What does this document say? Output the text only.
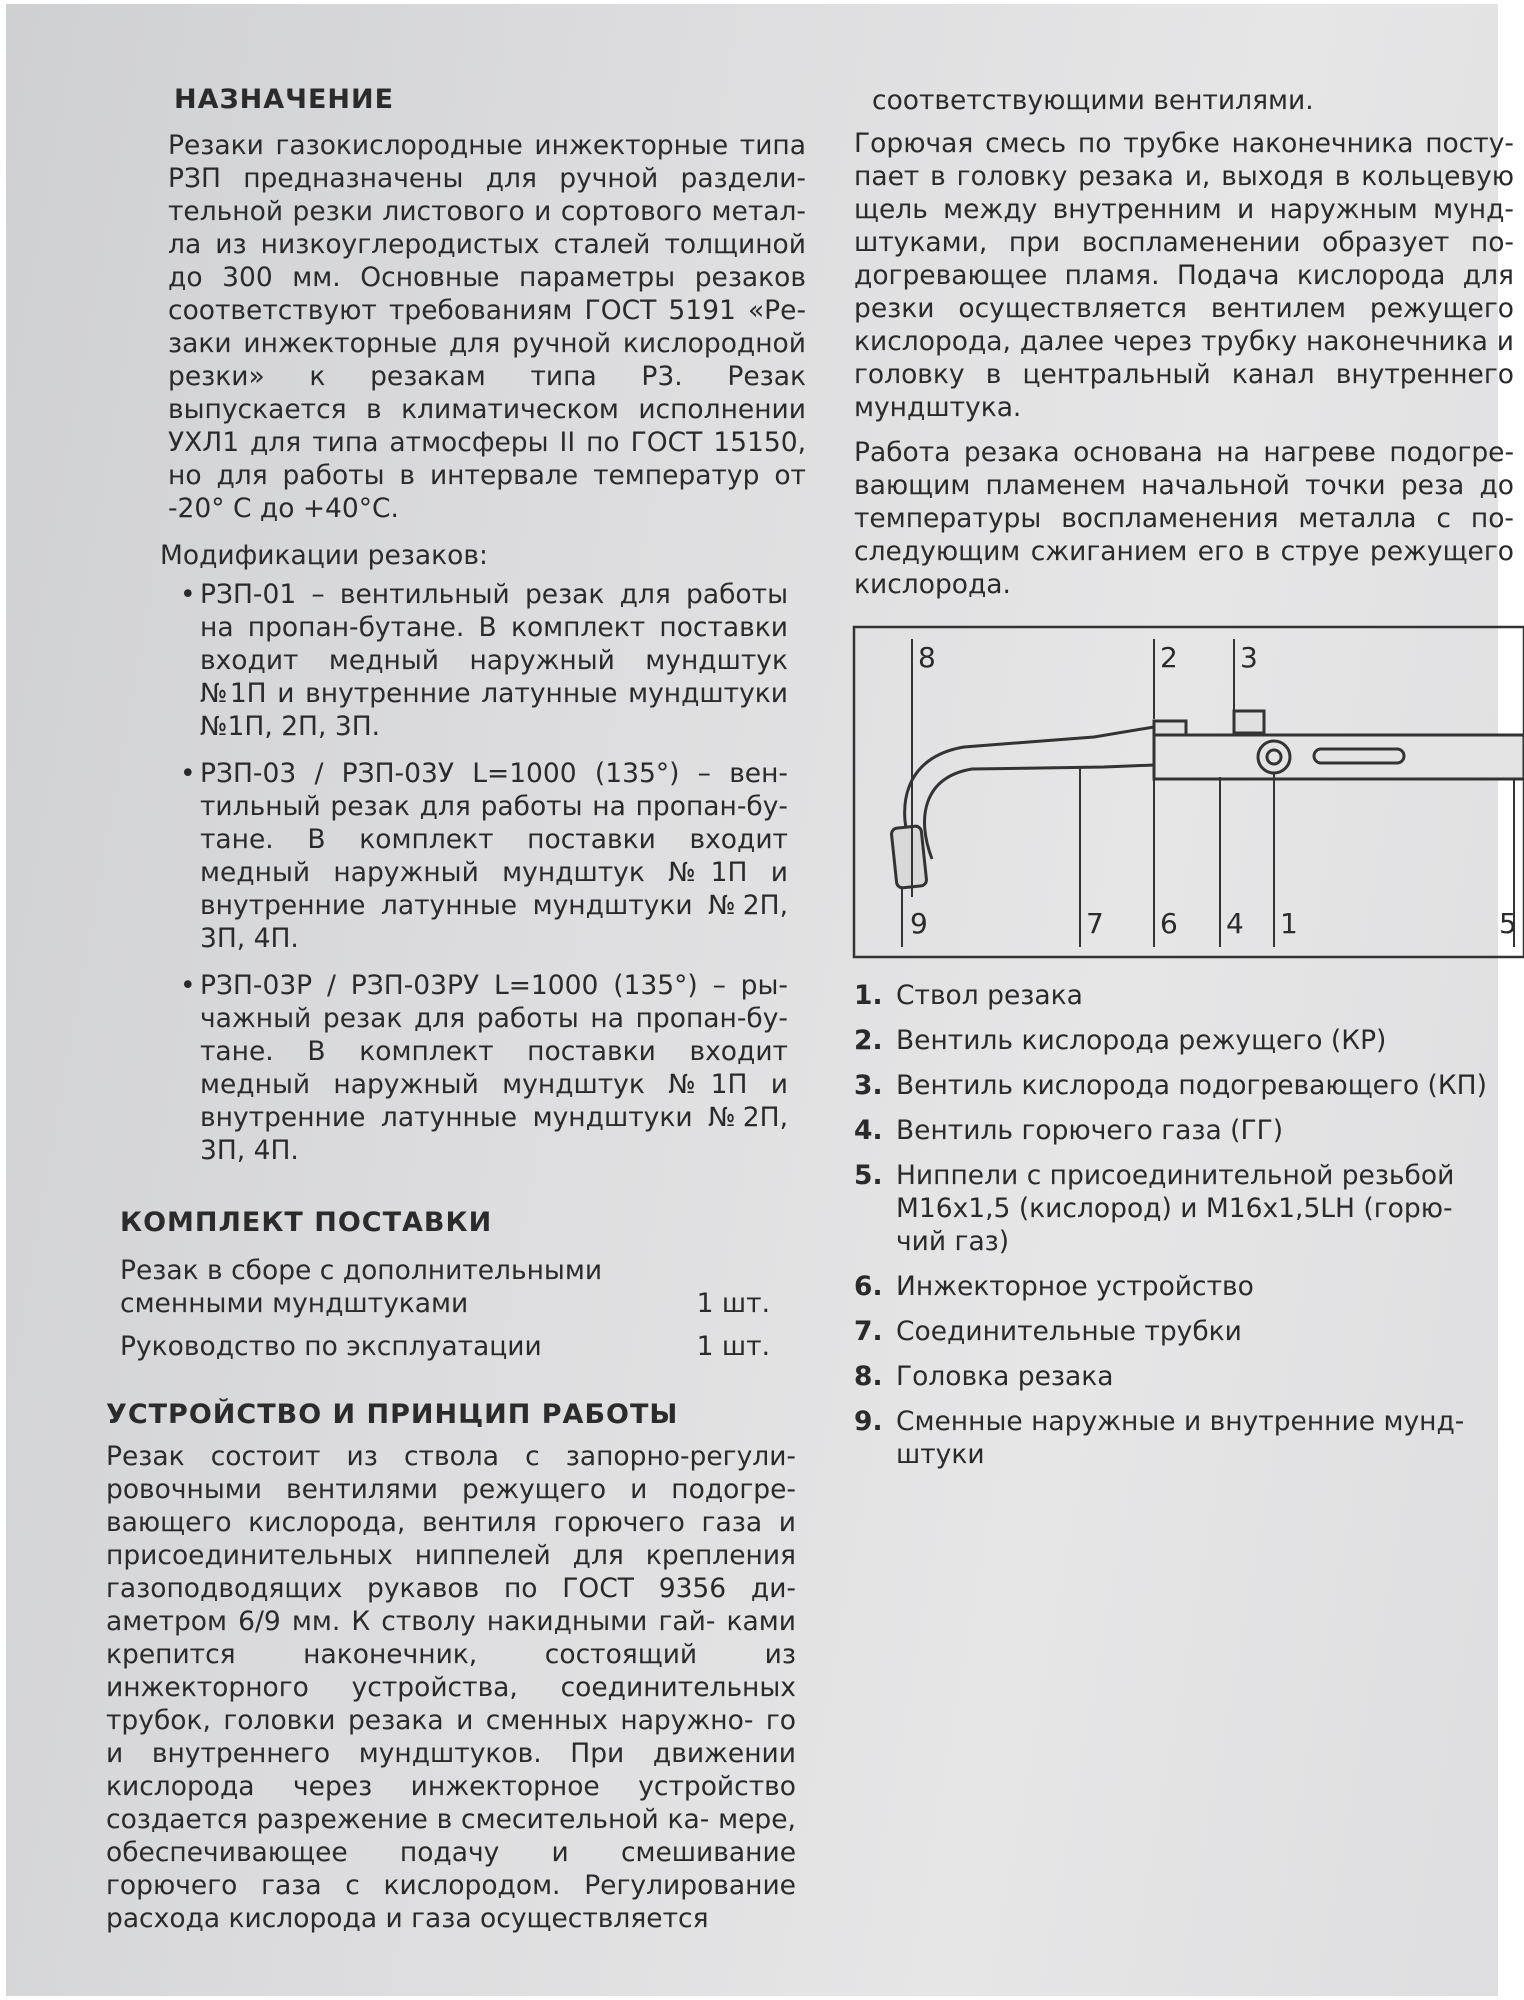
НАЗНАЧЕНИЕ

Резаки газокислородные инжекторные типа РЗП предназначены для ручной раздели- тельной резки листового и сортового метал- ла из низкоуглеродистых сталей толщиной до 300 мм. Основные параметры резаков соответствуют требованиям ГОСТ 5191 «Ре- заки инжекторные для ручной кислородной резки» к резакам типа Р3. Резак выпускается в климатическом исполнении УХЛ1 для типа атмосферы II по ГОСТ 15150, но для работы в интервале температур от -20° С до +40°С.

Модификации резаков:
• РЗП-01 – вентильный резак для работы на пропан-бутане. В комплект поставки входит медный наружный мундштук №1П и внутренние латунные мундштуки №1П, 2П, 3П.
• РЗП-03 / РЗП-03У L=1000 (135°) – вен- тильный резак для работы на пропан-бу- тане. В комплект поставки входит медный наружный мундштук №1П и внутренние латунные мундштуки №2П, 3П, 4П.
• РЗП-03Р / РЗП-03РУ L=1000 (135°) – ры- чажный резак для работы на пропан-бу- тане. В комплект поставки входит медный наружный мундштук №1П и внутренние латунные мундштуки №2П, 3П, 4П.
КОМПЛЕКТ ПОСТАВКИ
Резак в сборе с дополнительными сменными мундштуками	1 шт.
Руководство по эксплуатации	1 шт.
УСТРОЙСТВО И ПРИНЦИП РАБОТЫ

Резак состоит из ствола с запорно-регули- ровочными вентилями режущего и подогре- вающего кислорода, вентиля горючего газа и присоединительных ниппелей для крепления газоподводящих рукавов по ГОСТ 9356 ди- аметром 6/9 мм. К стволу накидными гай- ками крепится наконечник, состоящий из инжекторного устройства, соединительных трубок, головки резака и сменных наружно- го и внутреннего мундштуков. При движении кислорода через инжекторное устройство создается разрежение в смесительной ка- мере, обеспечивающее подачу и смешивание горючего газа с кислородом. Регулирование расхода кислорода и газа осуществляется

соответствующими вентилями.

Горючая смесь по трубке наконечника посту- пает в головку резака и, выходя в кольцевую щель между внутренним и наружным мунд- штуками, при воспламенении образует по- догревающее пламя. Подача кислорода для резки осуществляется вентилем режущего кислорода, далее через трубку наконечника и головку в центральный канал внутреннего мундштука.

Работа резака основана на нагреве подогре- вающим пламенем начальной точки реза до температуры воспламенения металла с по- следующим сжиганием его в струе режущего кислорода.

8	2 3
9	7 6 4 1	5
1. Ствол резака
2. Вентиль кислорода режущего (КР)
3. Вентиль кислорода подогревающего (КП)
4. Вентиль горючего газа (ГГ)
5. Ниппели с присоединительной резьбой М16х1,5 (кислород) и М16х1,5LH (горю- чий газ)
6. Инжекторное устройство
7. Соединительные трубки
8. Головка резака
9. Сменные наружные и внутренние мунд- штуки
